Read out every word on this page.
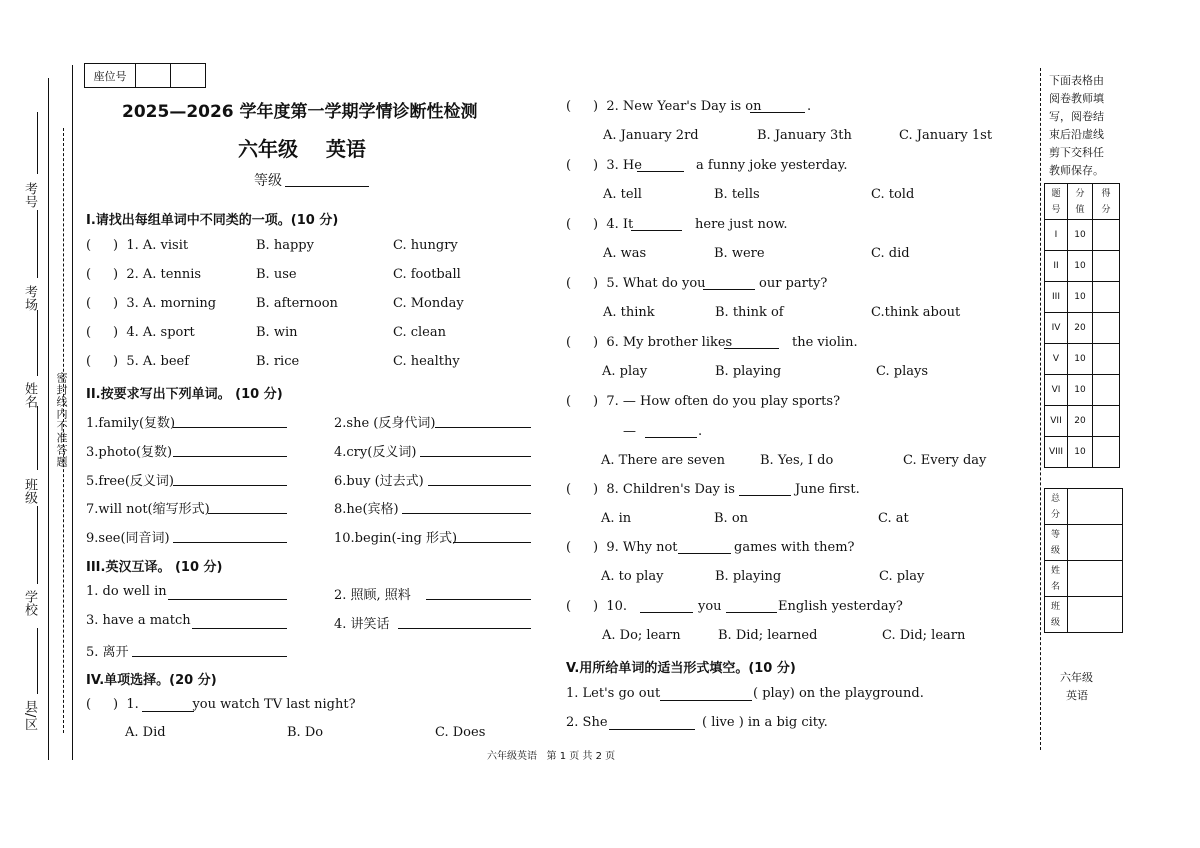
考号
考场
姓名
班级
学校
县/区
密封线内不准答题
座位号		
2025—2026 学年度第一学期学情诊断性检测
六年级    英语
等级
I.请找出每组单词中不同类的一项。(10 分)
( )  1. A. visit	B. happy	C. hungry
( )  2. A. tennis	B. use	C. football
( )  3. A. morning	B. afternoon	C. Monday
( )  4. A. sport	B. win	C. clean
( )  5. A. beef	B. rice	C. healthy
II.按要求写出下列单词。 (10 分)
1.family(复数)	2.she (反身代词)
3.photo(复数)	4.cry(反义词)
5.free(反义词)	6.buy (过去式)
7.will not(缩写形式)	8.he(宾格)
9.see(同音词)	10.begin(-ing 形式)
III.英汉互译。 (10 分)
1. do well in	2. 照顾, 照料
3. have a match	4. 讲笑话
5. 离开
IV.单项选择。(20 分)
( )  1.             you watch TV last night?
A. Did	B. Do	C. Does
( )  2. New Year's Day is on	.
A. January 2rd	B. January 3th	C. January 1st
( )  3. He	a funny joke yesterday.
A. tell	B. tells	C. told
( )  4. It	here just now.
A. was	B. were	C. did
( )  5. What do you	our party?
A. think	B. think of	C.think about
( )  6. My brother likes	the violin.
A. play	B. playing	C. plays
( )  7. — How often do you play sports?
—	.
A. There are seven	B. Yes, I do	C. Every day
( )  8. Children's Day is	June first.
A. in	B. on	C. at
( )  9. Why not	games with them?
A. to play	B. playing	C. play
( )  10.	you	English yesterday?
A. Do; learn	B. Did; learned	C. Did; learn
V.用所给单词的适当形式填空。(10 分)
1. Let's go out	( play) on the playground.
2. She	( live ) in a big city.
六年级英语   第 1 页 共 2 页
下面表格由
阅卷教师填
写，阅卷结
束后沿虚线
剪下交科任
教师保存。
题号	分值	得分

I	10	
II	10	
III	10	
IV	20	
V	10	
VI	10	
VII	20	
VIII	10	
总分	

等级	

姓名	

班级	

六年级
英语
